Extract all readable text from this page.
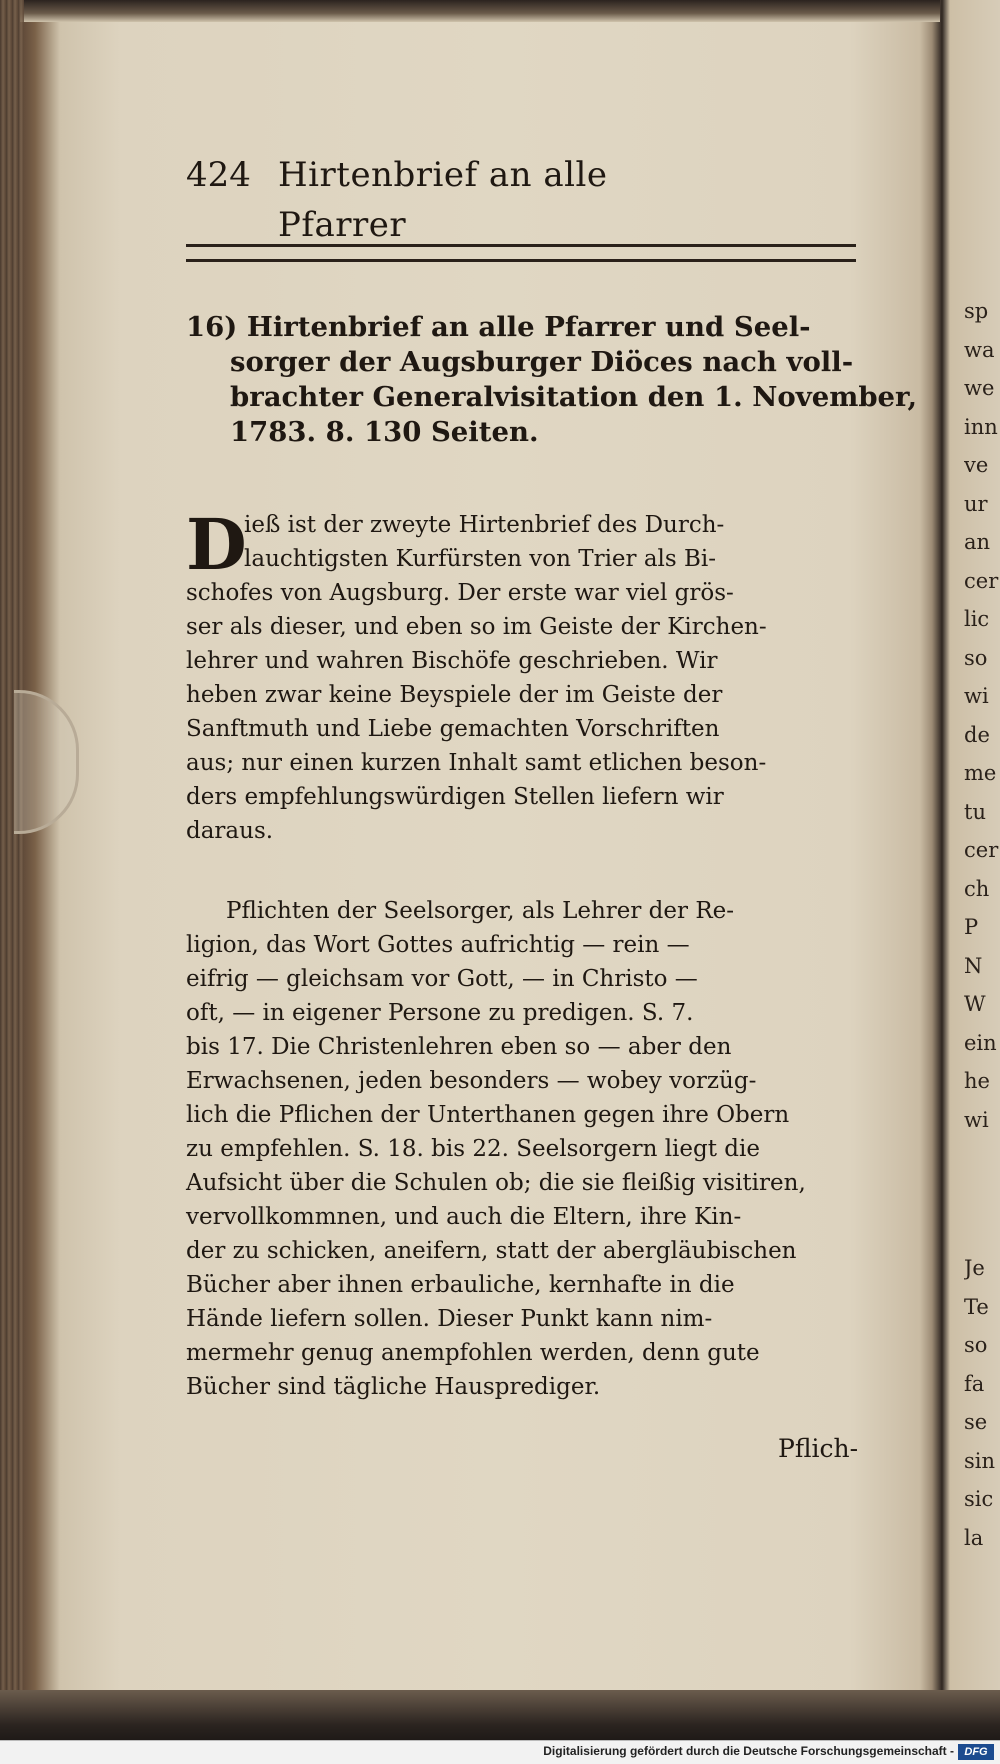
424 Hirtenbrief an alle Pfarrer
16) Hirtenbrief an alle Pfarrer und Seel-
sorger der Augsburger Diöces nach voll-
brachter Generalvisitation den 1. November,
1783. 8. 130 Seiten.
D
ieß ist der zweyte Hirtenbrief des Durch-
lauchtigsten Kurfürsten von Trier als Bi-
schofes von Augsburg. Der erste war viel grös-
ser als dieser, und eben so im Geiste der Kirchen-
lehrer und wahren Bischöfe geschrieben. Wir
heben zwar keine Beyspiele der im Geiste der
Sanftmuth und Liebe gemachten Vorschriften
aus; nur einen kurzen Inhalt samt etlichen beson-
ders empfehlungswürdigen Stellen liefern wir
daraus.
Pflichten der Seelsorger, als Lehrer der Re-
ligion, das Wort Gottes aufrichtig — rein —
eifrig — gleichsam vor Gott, — in Christo —
oft, — in eigener Persone zu predigen. S. 7.
bis 17. Die Christenlehren eben so — aber den
Erwachsenen, jeden besonders — wobey vorzüg-
lich die Pflichen der Unterthanen gegen ihre Obern
zu empfehlen. S. 18. bis 22. Seelsorgern liegt die
Aufsicht über die Schulen ob; die sie fleißig visitiren,
vervollkommnen, und auch die Eltern, ihre Kin-
der zu schicken, aneifern, statt der abergläubischen
Bücher aber ihnen erbauliche, kernhafte in die
Hände liefern sollen. Dieser Punkt kann nim-
mermehr genug anempfohlen werden, denn gute
Bücher sind tägliche Hausprediger.
Pflich-
sp
wa
we
inn
ve
ur
an
cer
lic
so
wi
de
me
tu
cer
ch
P
N
W
ein
he
wi
Je
Te
so
fa
se
sin
sic
la
Digitalisierung gefördert durch die Deutsche Forschungsgemeinschaft - DFG
